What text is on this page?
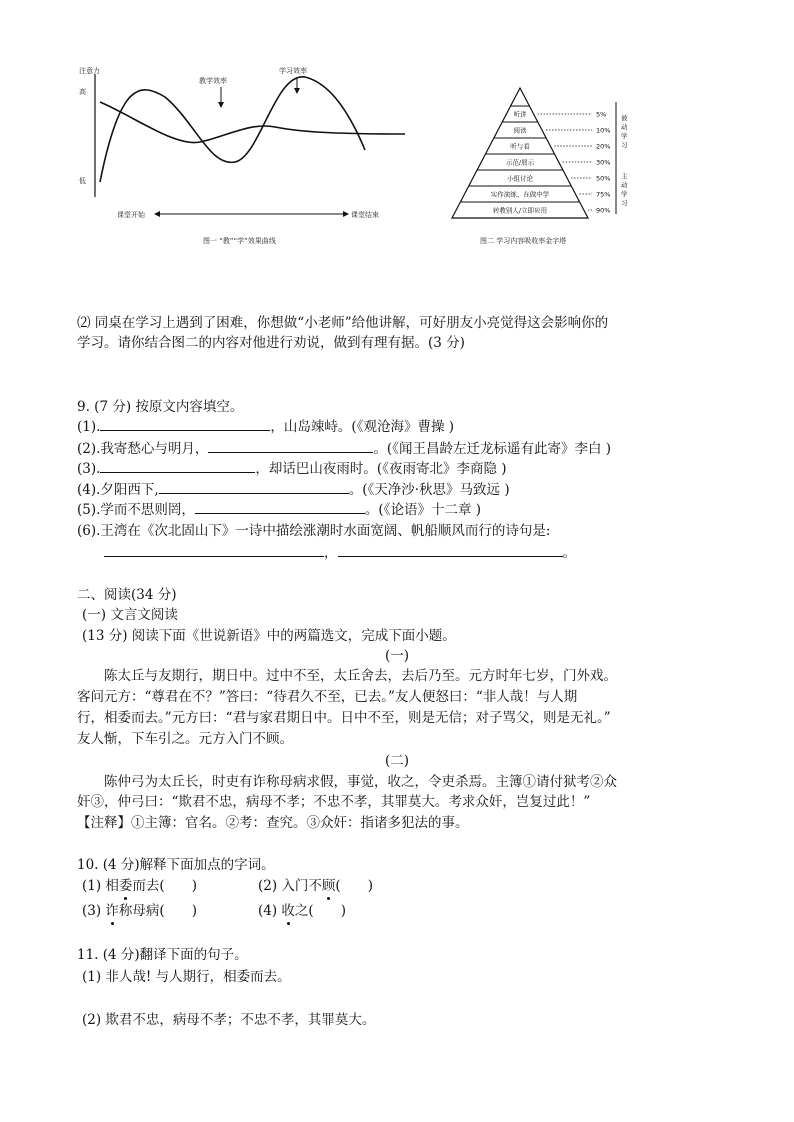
注意力
高
低
教学效率
学习效率
课堂开始	课堂结束
图一 “教”“学”效果曲线
听讲	5%
阅读	10%
听与看	20%
示范/展示	30%
小组讨论	50%
实作演练、在做中学	75%
转教别人/立即应用	90%
被
动
学
习
主
动
学
习
图二 学习内容吸收率金字塔
⑵ 同桌在学习上遇到了困难，你想做“小老师”给他讲解，可好朋友小亮觉得这会影响你的
学习。请你结合图二的内容对他进行劝说，做到有理有据。(3 分)
9. (7 分) 按原文内容填空。
(1).	，山岛竦峙。(《观沧海》曹操 )
(2).我寄愁心与明月，	。(《闻王昌龄左迁龙标遥有此寄》李白 )
(3).	，却话巴山夜雨时。(《夜雨寄北》李商隐 )
(4).夕阳西下,	。(《天净沙·秋思》马致远 )
(5).学而不思则罔，	。(《论语》十二章 )
(6).王湾在《次北固山下》一诗中描绘涨潮时水面宽阔、帆船顺风而行的诗句是:
，	。
二、阅读(34 分)
(一) 文言文阅读
(13 分) 阅读下面《世说新语》中的两篇选文，完成下面小题。
(一)
陈太丘与友期行，期日中。过中不至，太丘舍去，去后乃至。元方时年七岁，门外戏。
客问元方：“尊君在不？”答曰：“待君久不至，已去。”友人便怒曰：“非人哉！与人期
行，相委而去。”元方曰：“君与家君期日中。日中不至，则是无信；对子骂父，则是无礼。”
友人惭，下车引之。元方入门不顾。
(二)
陈仲弓为太丘长，时吏有诈称母病求假，事觉，收之，令吏杀焉。主簿①请付狱考②众
奸③，仲弓曰：“欺君不忠，病母不孝；不忠不孝，其罪莫大。考求众奸，岂复过此！”
【注释】①主簿：官名。②考：查究。③众奸：指诸多犯法的事。
10. (4 分)解释下面加点的字词。
(1) 相委而去(　　)	(2) 入门不顾(　　)
(3) 诈称母病(　　)	(4) 收之(　　)
11. (4 分)翻译下面的句子。
(1) 非人哉! 与人期行，相委而去。
(2) 欺君不忠，病母不孝；不忠不孝，其罪莫大。
